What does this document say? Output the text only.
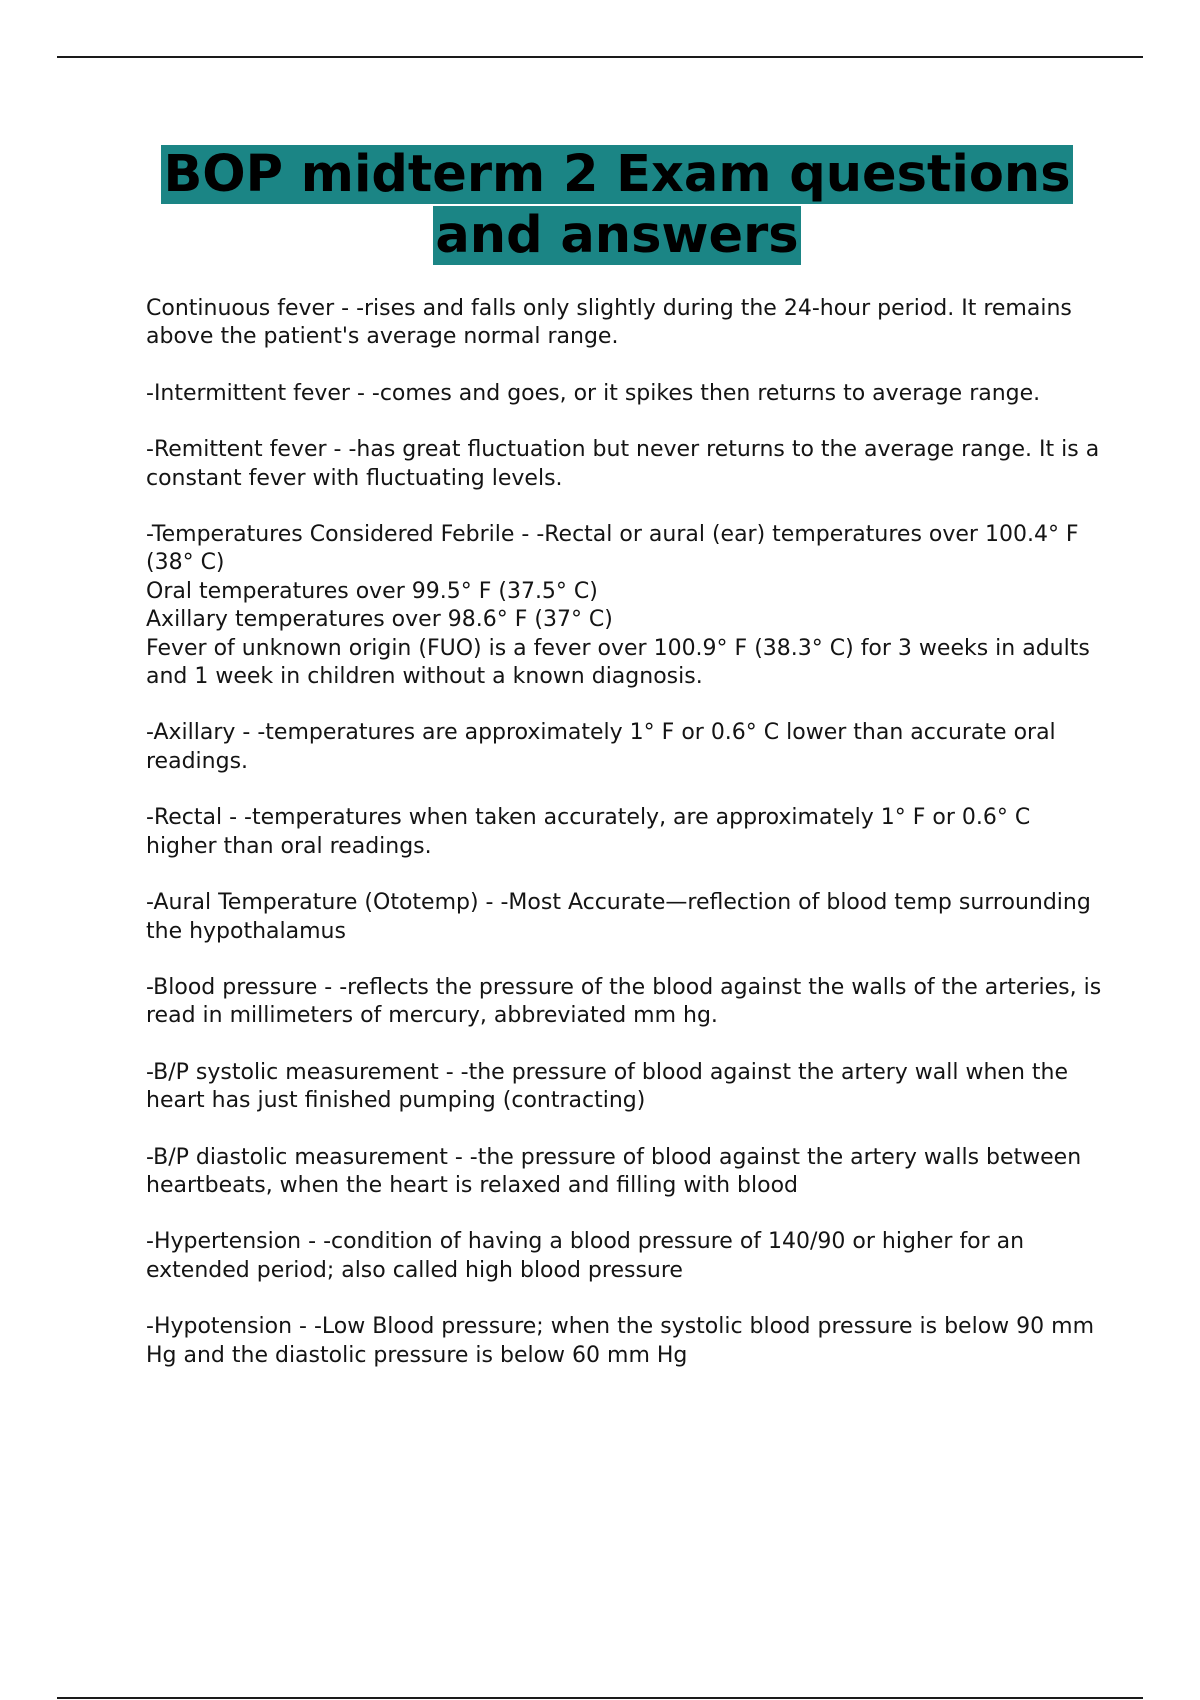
BOP midterm 2 Exam questions and answers

Continuous fever - -rises and falls only slightly during the 24-hour period. It remains above the patient's average normal range.

-Intermittent fever - -comes and goes, or it spikes then returns to average range.

-Remittent fever - -has great fluctuation but never returns to the average range. It is a constant fever with fluctuating levels.

-Temperatures Considered Febrile - -Rectal or aural (ear) temperatures over 100.4° F (38° C)
Oral temperatures over 99.5° F (37.5° C)
Axillary temperatures over 98.6° F (37° C)
Fever of unknown origin (FUO) is a fever over 100.9° F (38.3° C) for 3 weeks in adults and 1 week in children without a known diagnosis.

-Axillary - -temperatures are approximately 1° F or 0.6° C lower than accurate oral readings.

-Rectal - -temperatures when taken accurately, are approximately 1° F or 0.6° C higher than oral readings.

-Aural Temperature (Ototemp) - -Most Accurate—reflection of blood temp surrounding the hypothalamus

-Blood pressure - -reflects the pressure of the blood against the walls of the arteries, is read in millimeters of mercury, abbreviated mm hg.

-B/P systolic measurement - -the pressure of blood against the artery wall when the heart has just finished pumping (contracting)

-B/P diastolic measurement - -the pressure of blood against the artery walls between heartbeats, when the heart is relaxed and filling with blood

-Hypertension - -condition of having a blood pressure of 140/90 or higher for an extended period; also called high blood pressure

-Hypotension - -Low Blood pressure; when the systolic blood pressure is below 90 mm Hg and the diastolic pressure is below 60 mm Hg
